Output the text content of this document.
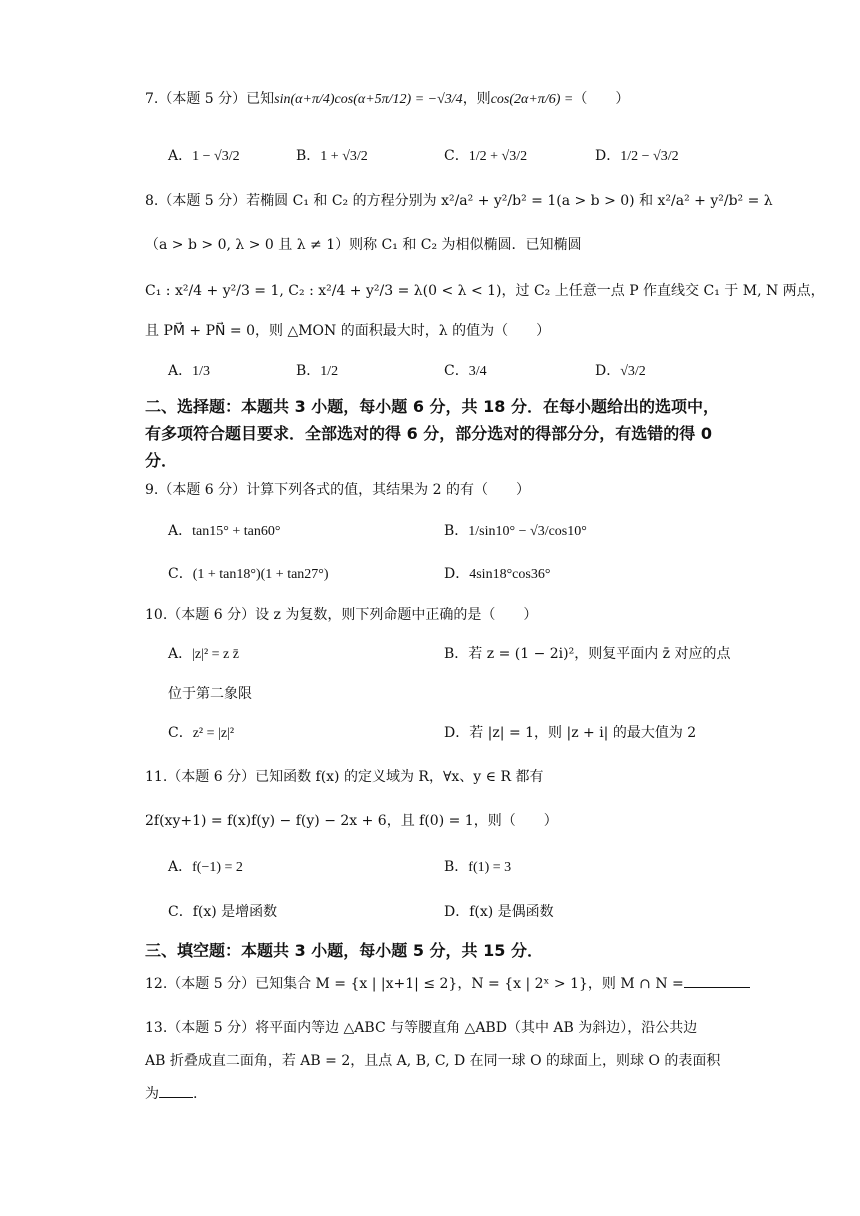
7.（本题 5 分）已知sin(α+π/4)cos(α+5π/12) = −√3/4，则cos(2α+π/6) =（　　）
A．1 − √3/2	B．1 + √3/2	C．1/2 + √3/2	D．1/2 − √3/2
8.（本题 5 分）若椭圆 C₁ 和 C₂ 的方程分别为 x²/a² + y²/b² = 1(a > b > 0) 和 x²/a² + y²/b² = λ
（a > b > 0, λ > 0 且 λ ≠ 1）则称 C₁ 和 C₂ 为相似椭圆．已知椭圆
C₁ : x²/4 + y²/3 = 1, C₂ : x²/4 + y²/3 = λ(0 < λ < 1)，过 C₂ 上任意一点 P 作直线交 C₁ 于 M, N 两点，
且 PM⃗ + PN⃗ = 0，则 △MON 的面积最大时，λ 的值为（　　）
A．1/3	B．1/2	C．3/4	D．√3/2
二、选择题：本题共 3 小题，每小题 6 分，共 18 分．在每小题给出的选项中，有多项符合题目要求．全部选对的得 6 分，部分选对的得部分分，有选错的得 0 分．
9.（本题 6 分）计算下列各式的值，其结果为 2 的有（　　）
A．tan15° + tan60°	B．1/sin10° − √3/cos10°
C．(1 + tan18°)(1 + tan27°)	D．4sin18°cos36°
10.（本题 6 分）设 z 为复数，则下列命题中正确的是（　　）
A．|z|² = z z̄	B．若 z = (1 − 2i)²，则复平面内 z̄ 对应的点
位于第二象限
C．z² = |z|²	D．若 |z| = 1，则 |z + i| 的最大值为 2
11.（本题 6 分）已知函数 f(x) 的定义域为 R，∀x、y ∈ R 都有
2f(xy+1) = f(x)f(y) − f(y) − 2x + 6，且 f(0) = 1，则（　　）
A．f(−1) = 2	B．f(1) = 3
C．f(x) 是增函数	D．f(x) 是偶函数
三、填空题：本题共 3 小题，每小题 5 分，共 15 分．
12.（本题 5 分）已知集合 M = {x | |x+1| ≤ 2}，N = {x | 2ˣ > 1}，则 M ∩ N =
13.（本题 5 分）将平面内等边 △ABC 与等腰直角 △ABD（其中 AB 为斜边），沿公共边
AB 折叠成直二面角，若 AB = 2，且点 A, B, C, D 在同一球 O 的球面上，则球 O 的表面积
为 .
